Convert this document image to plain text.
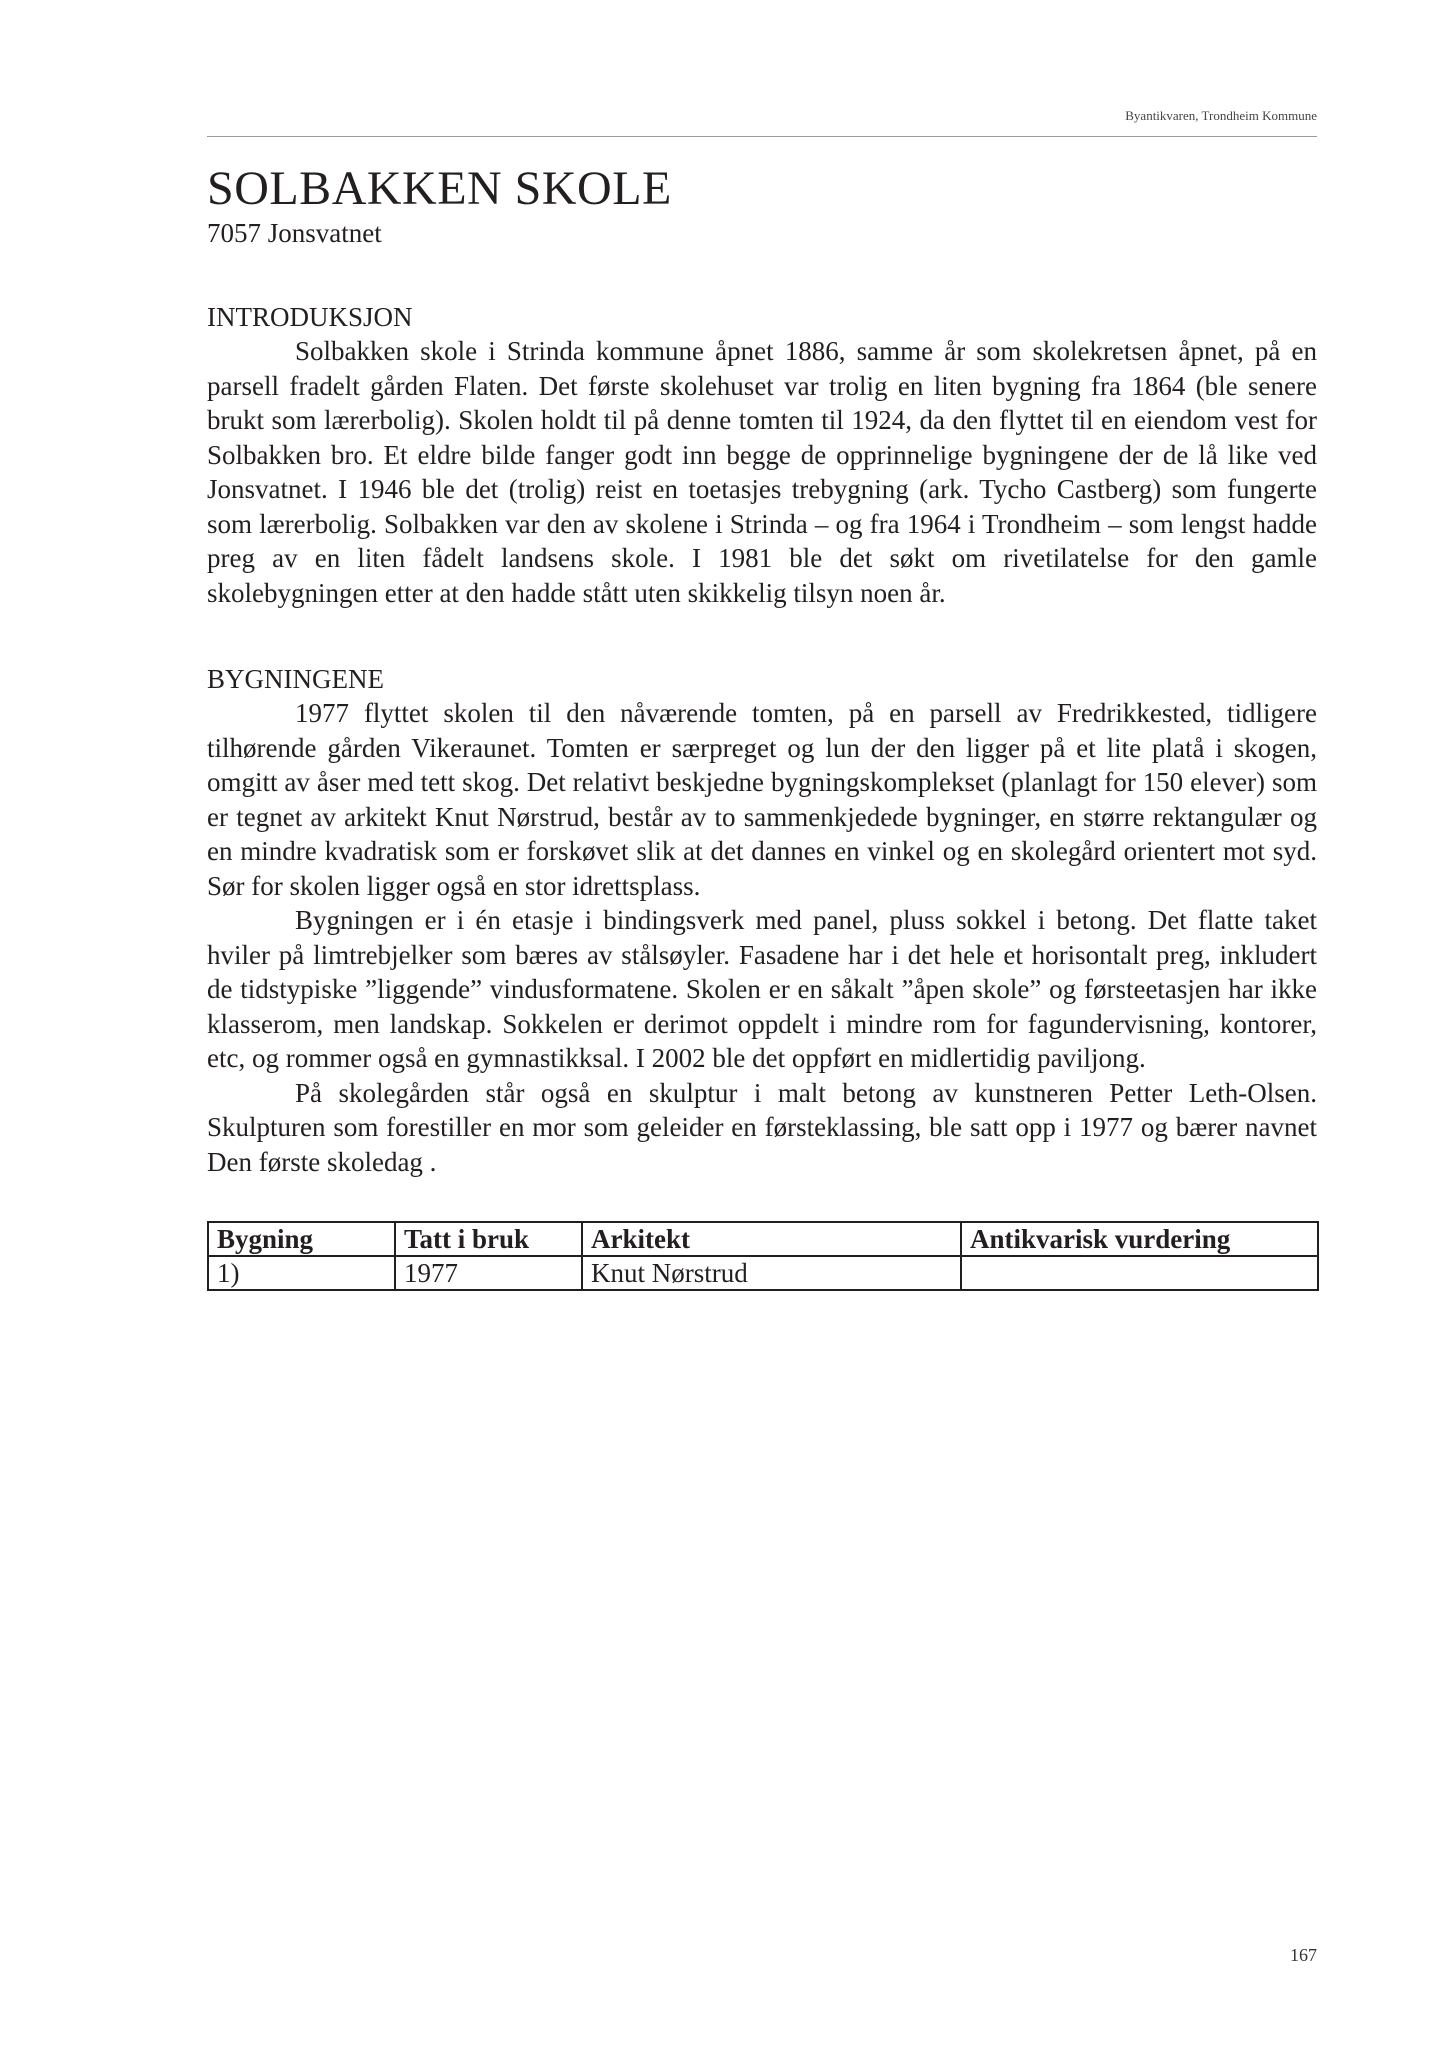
Byantikvaren, Trondheim Kommune
SOLBAKKEN SKOLE
7057 Jonsvatnet
INTRODUKSJON

Solbakken skole i Strinda kommune åpnet 1886, samme år som skolekretsen åpnet, på en parsell fradelt gården Flaten. Det første skolehuset var trolig en liten bygning fra 1864 (ble senere brukt som lærerbolig). Skolen holdt til på denne tomten til 1924, da den flyttet til en eiendom vest for Solbakken bro. Et eldre bilde fanger godt inn begge de opprinnelige bygningene der de lå like ved Jonsvatnet. I 1946 ble det (trolig) reist en toetasjes trebygning (ark. Tycho Castberg) som fungerte som lærerbolig. Solbakken var den av skolene i Strinda – og fra 1964 i Trondheim – som lengst hadde preg av en liten fådelt landsens skole. I 1981 ble det søkt om rivetilatelse for den gamle skolebygningen etter at den hadde stått uten skikkelig tilsyn noen år.

BYGNINGENE

1977 flyttet skolen til den nåværende tomten, på en parsell av Fredrikkested, tidligere tilhørende gården Vikeraunet. Tomten er særpreget og lun der den ligger på et lite platå i skogen, omgitt av åser med tett skog. Det relativt beskjedne bygningskomplekset (planlagt for 150 elever) som er tegnet av arkitekt Knut Nørstrud, består av to sammenkjedede bygninger, en større rektangulær og en mindre kvadratisk som er forskøvet slik at det dannes en vinkel og en skolegård orientert mot syd. Sør for skolen ligger også en stor idrettsplass.

Bygningen er i én etasje i bindingsverk med panel, pluss sokkel i betong. Det flatte taket hviler på limtrebjelker som bæres av stålsøyler. Fasadene har i det hele et horisontalt preg, inkludert de tidstypiske ”liggende” vindusformatene. Skolen er en såkalt ”åpen skole” og førsteetasjen har ikke klasserom, men landskap. Sokkelen er derimot oppdelt i mindre rom for fagundervisning, kontorer, etc, og rommer også en gymnastikksal. I 2002 ble det oppført en midlertidig paviljong.

På skolegården står også en skulptur i malt betong av kunstneren Petter Leth-Olsen. Skulpturen som forestiller en mor som geleider en førsteklassing, ble satt opp i 1977 og bærer navnet Den første skoledag .

Bygning	Tatt i bruk	Arkitekt	Antikvarisk vurdering
1)	1977	Knut Nørstrud	
167
